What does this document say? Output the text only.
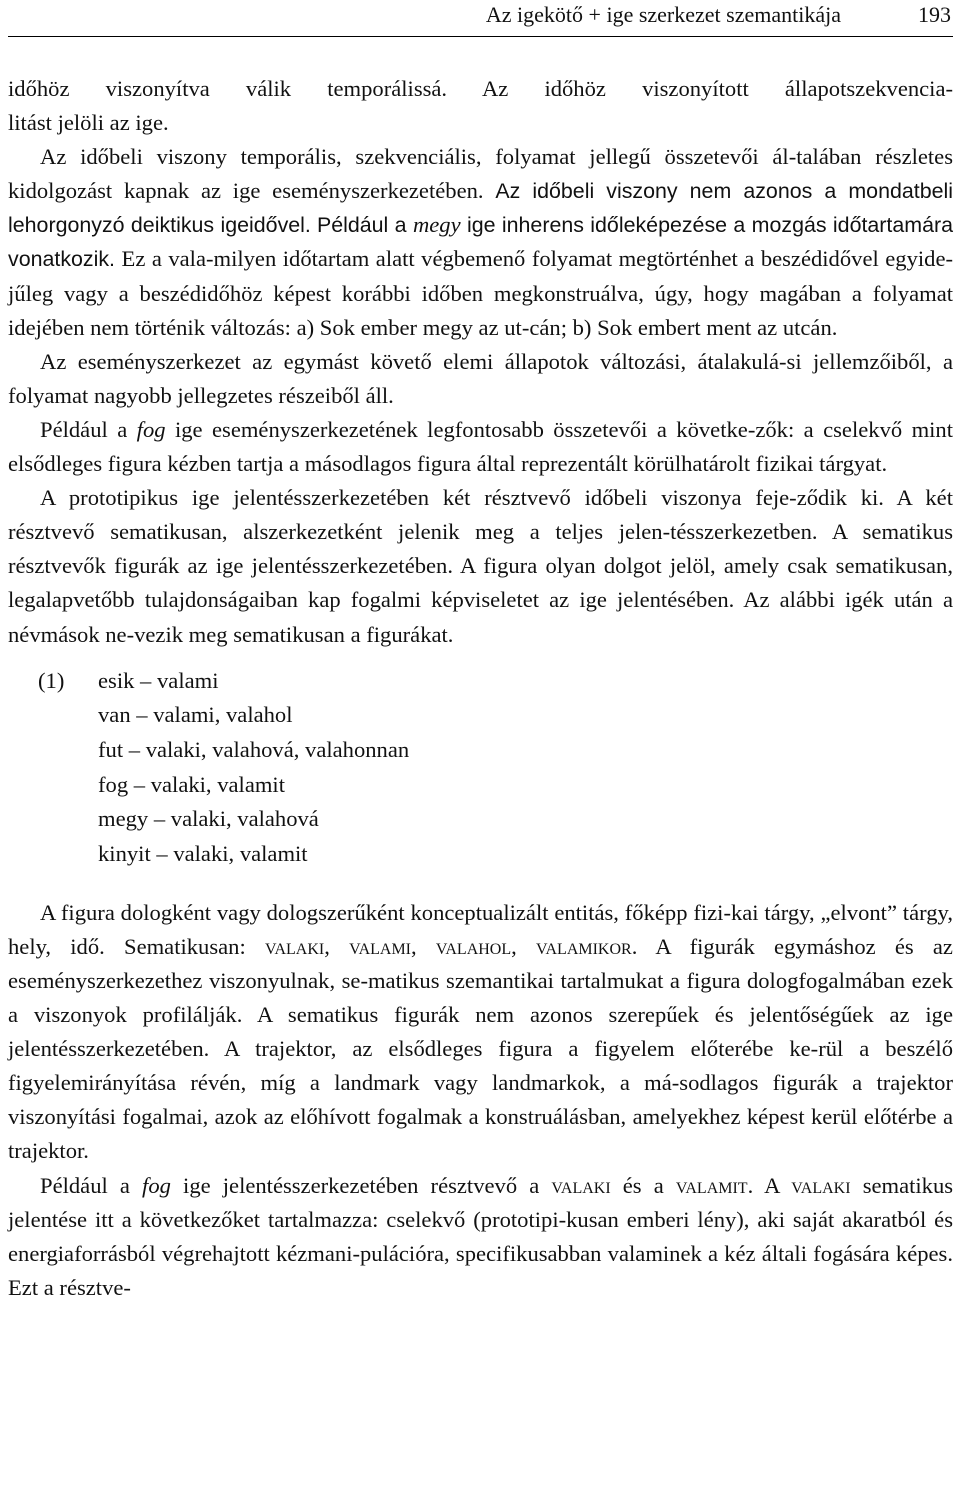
Az igekötő + ige szerkezet szemantikája	193

időhöz viszonyítva válik temporálissá. Az időhöz viszonyított állapotszekvencia-
litást jelöli az ige.

Az időbeli viszony temporális, szekvenciális, folyamat jellegű összetevői ál-talában részletes kidolgozást kapnak az ige eseményszerkezetében. Az időbeli viszony nem azonos a mondatbeli lehorgonyzó deiktikus igeidővel. Például a megy ige inherens időleképezése a mozgás időtartamára vonatkozik. Ez a vala-milyen időtartam alatt végbemenő folyamat megtörténhet a beszédidővel egyide-jűleg vagy a beszédidőhöz képest korábbi időben megkonstruálva, úgy, hogy magában a folyamat idejében nem történik változás: a) Sok ember megy az ut-cán; b) Sok embert ment az utcán.

Az eseményszerkezet az egymást követő elemi állapotok változási, átalakulá-si jellemzőiből, a folyamat nagyobb jellegzetes részeiből áll.

Például a fog ige eseményszerkezetének legfontosabb összetevői a követke-zők: a cselekvő mint elsődleges figura kézben tartja a másodlagos figura által reprezentált körülhatárolt fizikai tárgyat.

A prototipikus ige jelentésszerkezetében két résztvevő időbeli viszonya feje-ződik ki. A két résztvevő sematikusan, alszerkezetként jelenik meg a teljes jelen-tésszerkezetben. A sematikus résztvevők figurák az ige jelentésszerkezetében. A figura olyan dolgot jelöl, amely csak sematikusan, legalapvetőbb tulajdonságaiban kap fogalmi képviseletet az ige jelentésében. Az alábbi igék után a névmások ne-vezik meg sematikusan a figurákat.

(1)	esik – valami
van – valami, valahol
fut – valaki, valahová, valahonnan
fog – valaki, valamit
megy – valaki, valahová
kinyit – valaki, valamit

A figura dologként vagy dologszerűként konceptualizált entitás, főképp fizi-kai tárgy, „elvont” tárgy, hely, idő. Sematikusan: valaki, valami, valahol, valamikor. A figurák egymáshoz és az eseményszerkezethez viszonyulnak, se-matikus szemantikai tartalmukat a figura dologfogalmában ezek a viszonyok profilálják. A sematikus figurák nem azonos szerepűek és jelentőségűek az ige jelentésszerkezetében. A trajektor, az elsődleges figura a figyelem előterébe ke-rül a beszélő figyelemirányítása révén, míg a landmark vagy landmarkok, a má-sodlagos figurák a trajektor viszonyítási fogalmai, azok az előhívott fogalmak a konstruálásban, amelyekhez képest kerül előtérbe a trajektor.

Például a fog ige jelentésszerkezetében résztvevő a valaki és a valamit. A valaki sematikus jelentése itt a következőket tartalmazza: cselekvő (prototipi-kusan emberi lény), aki saját akaratból és energiaforrásból végrehajtott kézmani-pulációra, specifikusabban valaminek a kéz általi fogására képes. Ezt a résztve-
